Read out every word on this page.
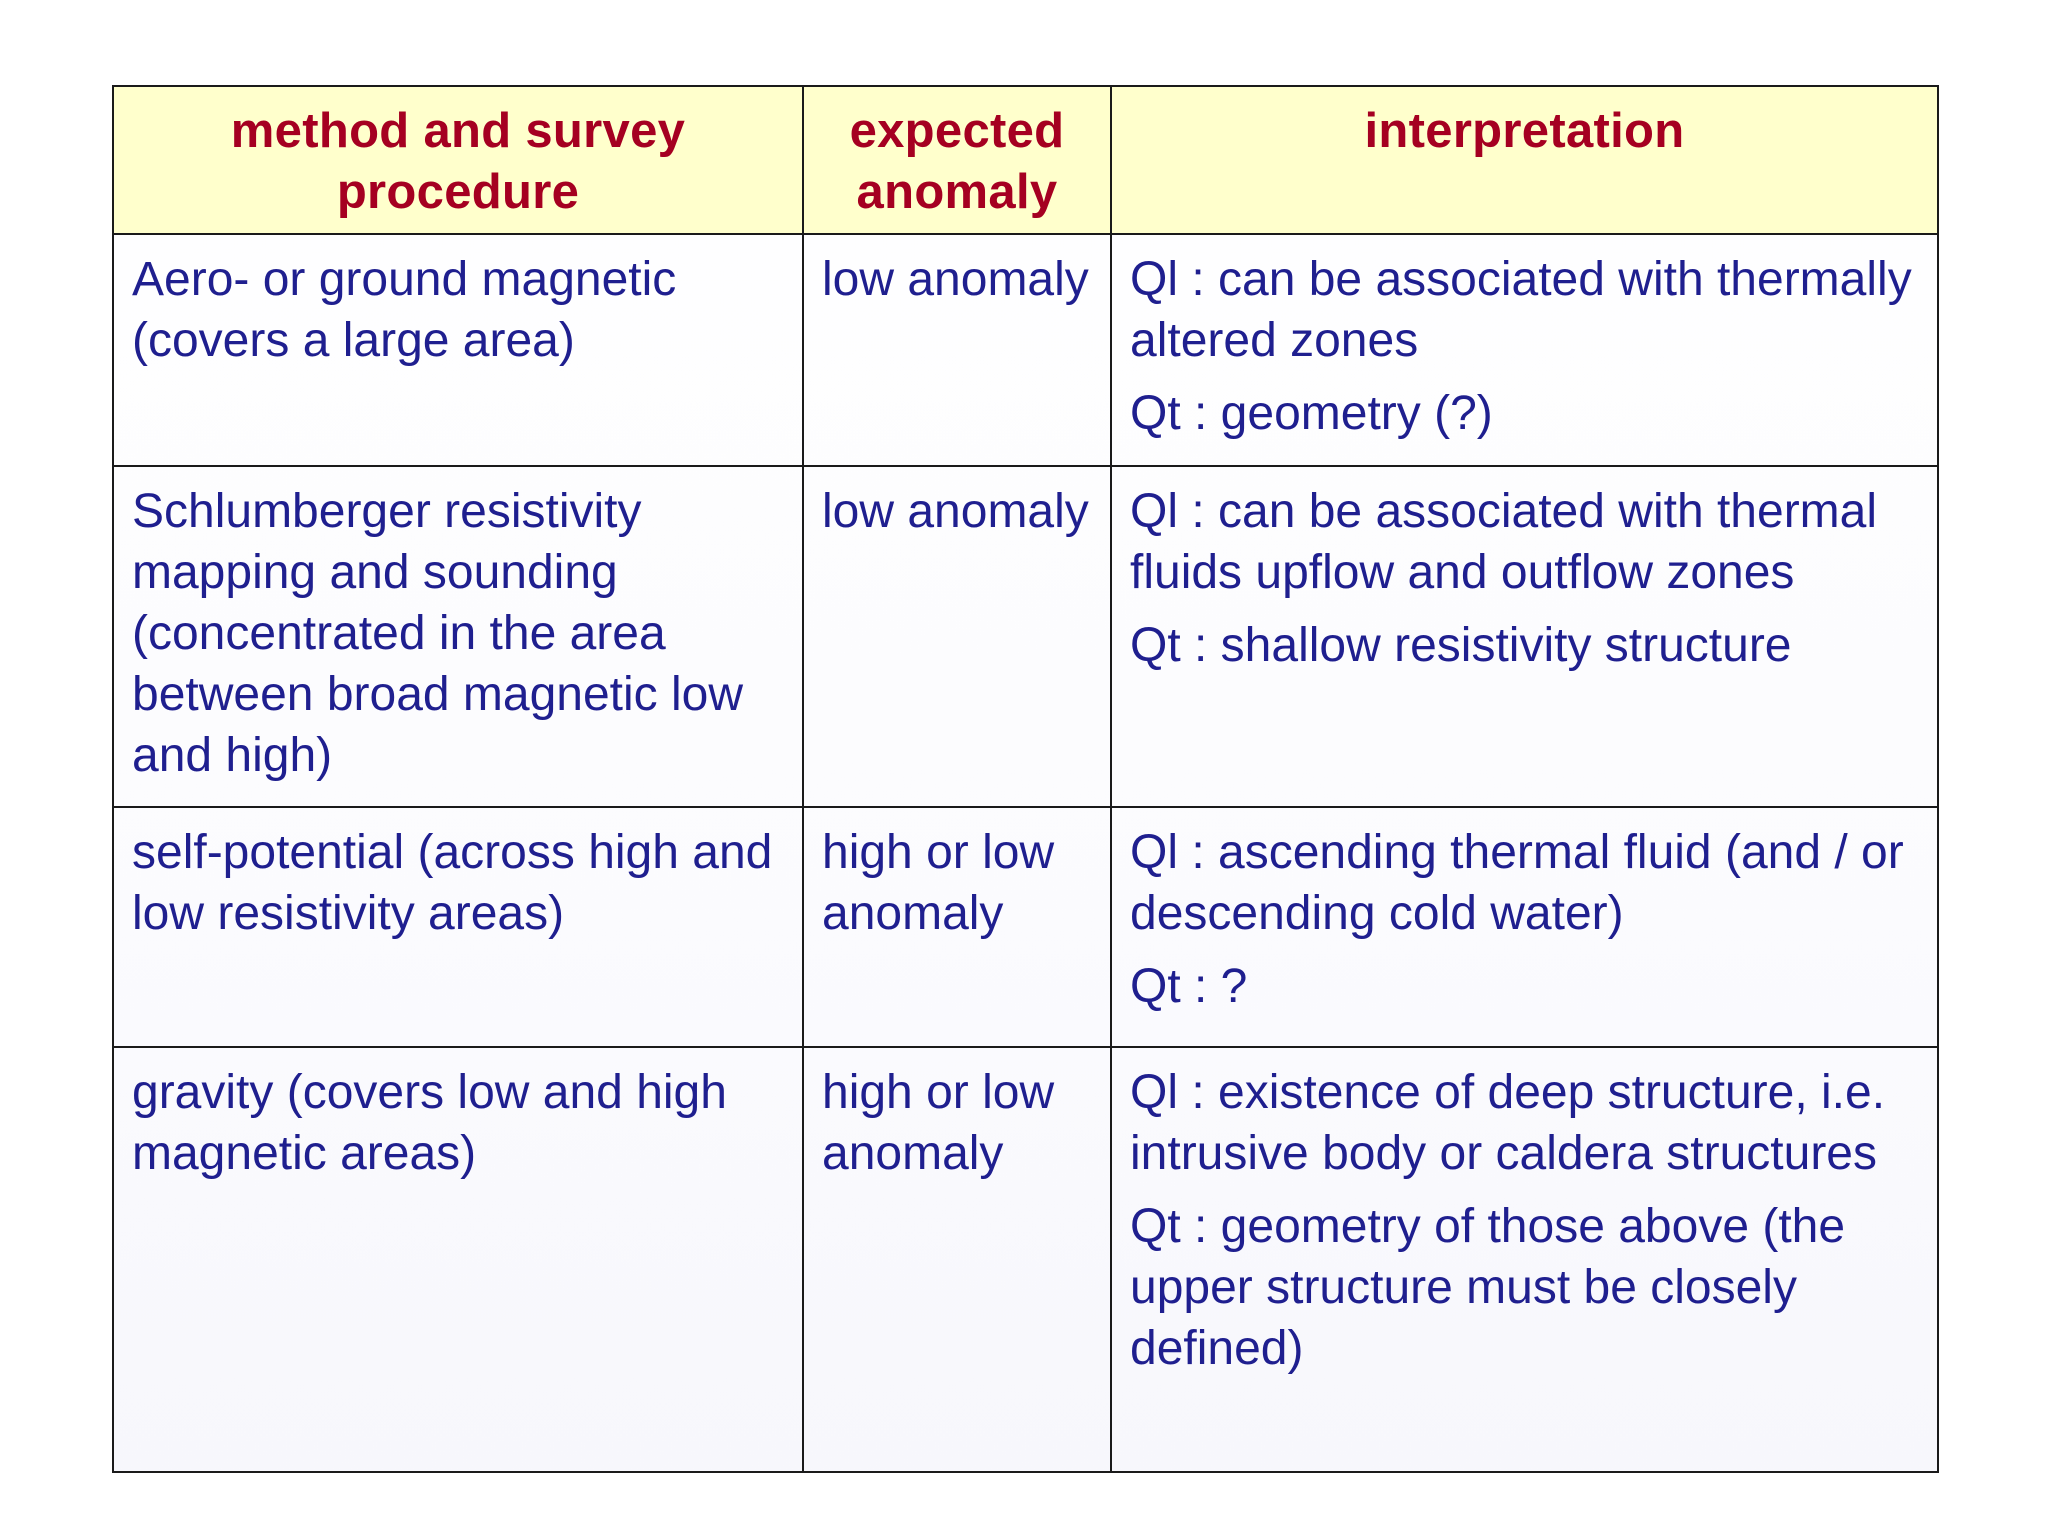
method and survey procedure	expected anomaly	interpretation

Aero- or ground magnetic (covers a large area)	low anomaly	Ql : can be associated with thermally altered zones
Qt : geometry (?)

Schlumberger resistivity mapping and sounding (concentrated in the area between broad magnetic low and high)	low anomaly	Ql : can be associated with thermal fluids upflow and outflow zones
Qt : shallow resistivity structure

self-potential (across high and low resistivity areas)	high or low anomaly	Ql : ascending thermal fluid (and / or descending cold water)
Qt : ?

gravity (covers low and high magnetic areas)	high or low anomaly	Ql : existence of deep structure, i.e. intrusive body or caldera structures
Qt : geometry of those above (the upper structure must be closely defined)
